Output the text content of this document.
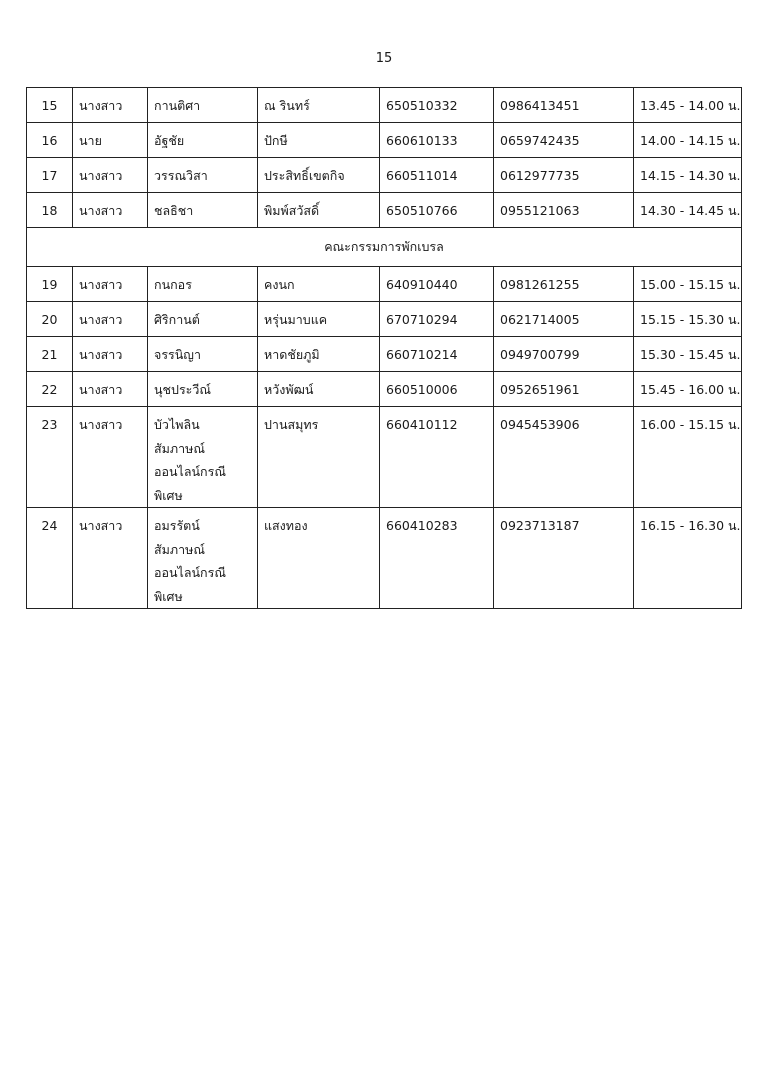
15
15	นางสาว	กานติศา	ณ รินทร์	650510332	0986413451	13.45 - 14.00 น.
16	นาย	อัฐชัย	ปักษี	660610133	0659742435	14.00 - 14.15 น.
17	นางสาว	วรรณวิสา	ประสิทธิ์เขตกิจ	660511014	0612977735	14.15 - 14.30 น.
18	นางสาว	ชลธิชา	พิมพ์สวัสดิ์	650510766	0955121063	14.30 - 14.45 น.
คณะกรรมการพักเบรล						
19	นางสาว	กนกอร	คงนก	640910440	0981261255	15.00 - 15.15 น.
20	นางสาว	ศิริกานต์	หรุ่นมาบแค	670710294	0621714005	15.15 - 15.30 น.
21	นางสาว	จรรนิญา	หาดชัยภูมิ	660710214	0949700799	15.30 - 15.45 น.
22	นางสาว	นุชประวีณ์	หวังพัฒน์	660510006	0952651961	15.45 - 16.00 น.
23	นางสาว	บัวไพลิน
สัมภาษณ์
ออนไลน์กรณี
พิเศษ	ปานสมุทร	660410112	0945453906	16.00 - 15.15 น.
24	นางสาว	อมรรัตน์
สัมภาษณ์
ออนไลน์กรณี
พิเศษ	แสงทอง	660410283	0923713187	16.15 - 16.30 น.
